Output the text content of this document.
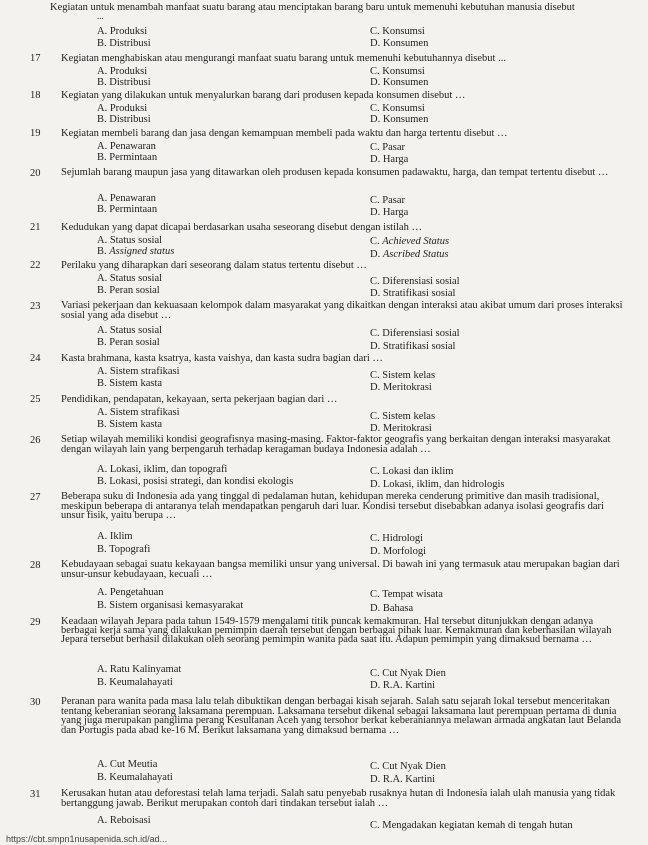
Kegiatan untuk menambah manfaat suatu barang atau menciptakan barang baru untuk memenuhi kebutuhan manusia disebut
...
A. Produksi	C. Konsumsi
B. Distribusi	D. Konsumen
17 Kegiatan menghabiskan atau mengurangi manfaat suatu barang untuk memenuhi kebutuhannya disebut ...
A. Produksi	C. Konsumsi
B. Distribusi	D. Konsumen
18 Kegiatan yang dilakukan untuk menyalurkan barang dari produsen kepada konsumen disebut …
A. Produksi	C. Konsumsi
B. Distribusi	D. Konsumen
19 Kegiatan membeli barang dan jasa dengan kemampuan membeli pada waktu dan harga tertentu disebut …
A. Penawaran	C. Pasar
B. Permintaan	D. Harga
20 Sejumlah barang maupun jasa yang ditawarkan oleh produsen kepada konsumen padawaktu, harga, dan tempat tertentu disebut …
A. Penawaran	C. Pasar
B. Permintaan	D. Harga
21 Kedudukan yang dapat dicapai berdasarkan usaha seseorang disebut dengan istilah …
A. Status sosial	C. Achieved Status
B. Assigned status	D. Ascribed Status
22 Perilaku yang diharapkan dari seseorang dalam status tertentu disebut …
A. Status sosial	C. Diferensiasi sosial
B. Peran sosial	D. Stratifikasi sosial
23 Variasi pekerjaan dan kekuasaan kelompok dalam masyarakat yang dikaitkan dengan interaksi atau akibat umum dari proses interaksi sosial yang ada disebut …
A. Status sosial	C. Diferensiasi sosial
B. Peran sosial	D. Stratifikasi sosial
24 Kasta brahmana, kasta ksatrya, kasta vaishya, dan kasta sudra bagian dari …
A. Sistem strafikasi	C. Sistem kelas
B. Sistem kasta	D. Meritokrasi
25 Pendidikan, pendapatan, kekayaan, serta pekerjaan bagian dari …
A. Sistem strafikasi	C. Sistem kelas
B. Sistem kasta	D. Meritokrasi
26 Setiap wilayah memiliki kondisi geografisnya masing-masing. Faktor-faktor geografis yang berkaitan dengan interaksi masyarakat dengan wilayah lain yang berpengaruh terhadap keragaman budaya Indonesia adalah …
A. Lokasi, iklim, dan topografi	C. Lokasi dan iklim
B. Lokasi, posisi strategi, dan kondisi ekologis	D. Lokasi, iklim, dan hidrologis
27 Beberapa suku di Indonesia ada yang tinggal di pedalaman hutan, kehidupan mereka cenderung primitive dan masih tradisional, meskipun beberapa di antaranya telah mendapatkan pengaruh dari luar. Kondisi tersebut disebabkan adanya isolasi geografis dari unsur fisik, yaitu berupa …
A. Iklim	C. Hidrologi
B. Topografi	D. Morfologi
28 Kebudayaan sebagai suatu kekayaan bangsa memiliki unsur yang universal. Di bawah ini yang termasuk atau merupakan bagian dari unsur-unsur kebudayaan, kecuali …
A. Pengetahuan	C. Tempat wisata
B. Sistem organisasi kemasyarakat	D. Bahasa
29 Keadaan wilayah Jepara pada tahun 1549-1579 mengalami titik puncak kemakmuran. Hal tersebut ditunjukkan dengan adanya berbagai kerja sama yang dilakukan pemimpin daerah tersebut dengan berbagai pihak luar. Kemakmuran dan keberhasilan wilayah Jepara tersebut berhasil dilakukan oleh seorang pemimpin wanita pada saat itu. Adapun pemimpin yang dimaksud bernama …
A. Ratu Kalinyamat	C. Cut Nyak Dien
B. Keumalahayati	D. R.A. Kartini
30 Peranan para wanita pada masa lalu telah dibuktikan dengan berbagai kisah sejarah. Salah satu sejarah lokal tersebut menceritakan tentang keberanian seorang laksamana perempuan. Laksamana tersebut dikenal sebagai laksamana laut perempuan pertama di dunia yang juga merupakan panglima perang Kesultanan Aceh yang tersohor berkat keberaniannya melawan armada angkatan laut Belanda dan Portugis pada abad ke-16 M. Berikut laksamana yang dimaksud bernama …
A. Cut Meutia	C. Cut Nyak Dien
B. Keumalahayati	D. R.A. Kartini
31 Kerusakan hutan atau deforestasi telah lama terjadi. Salah satu penyebab rusaknya hutan di Indonesia ialah ulah manusia yang tidak bertanggung jawab. Berikut merupakan contoh dari tindakan tersebut ialah …
A. Reboisasi	C. Mengadakan kegiatan kemah di tengah hutan
https://cbt.smpn1nusapenida.sch.id/ad...
